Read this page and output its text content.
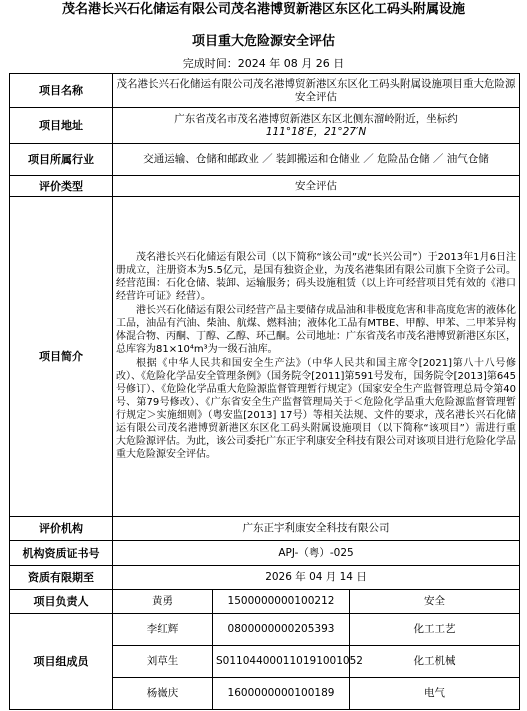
茂名港长兴石化储运有限公司茂名港博贸新港区东区化工码头附属设施
项目重大危险源安全评估
完成时间：2024 年 08 月 26 日
项目名称	茂名港长兴石化储运有限公司茂名港博贸新港区东区化工码头附属设施项目重大危险源安全评估		
项目地址	广东省茂名市茂名港博贸新港区东区北侧东溜岭附近，坐标约
111°18′E，21°27′N		

项目所属行业	交通运输、仓储和邮政业 ／ 装卸搬运和仓储业 ／ 危险品仓储 ／ 油气仓储		
评价类型	安全评估		
项目简介	茂名港长兴石化储运有限公司（以下简称“该公司”或“长兴公司”）于2013年1月6日注册成立，注册资本为5.5亿元，是国有独资企业，为茂名港集团有限公司旗下全资子公司。经营范围：石化仓储、装卸、运输服务；码头设施租赁（以上许可经营项目凭有效的《港口经营许可证》经营）。

港长兴石化储运有限公司经营产品主要储存成品油和非极度危害和非高度危害的液体化工品，油品有汽油、柴油、航煤、燃料油；液体化工品有MTBE、甲醇、甲苯、二甲苯异构体混合物、丙酮、丁醇、乙醇、环己酮。公司地址：广东省茂名市茂名港博贸新港区东区，总库容为81×10⁴m³为一级石油库。

根据《中华人民共和国安全生产法》（中华人民共和国主席令[2021]第八十八号修改）、《危险化学品安全管理条例》（国务院令[2011]第591号发布，国务院令[2013]第645号修订）、《危险化学品重大危险源监督管理暂行规定》（国家安全生产监督管理总局令第40号、第79号修改）、《广东省安全生产监督管理局关于＜危险化学品重大危险源监督管理暂行规定＞实施细则》（粤安监[2013] 17号）等相关法规、文件的要求，茂名港长兴石化储运有限公司茂名港博贸新港区东区化工码头附属设施项目（以下简称“该项目”）需进行重大危险源评估。为此，该公司委托广东正宇利康安全科技有限公司对该项目进行危险化学品重大危险源安全评估。		

评价机构	广东正宇利康安全科技有限公司		
机构资质证书号	APJ-（粤）-025		
资质有限期至	2026 年 04 月 14 日		
项目负责人	黄勇	1500000000100212	安全
项目组成员	李红辉	0800000000205393	化工工艺
	刘草生	S011044000110191001052	化工机械
	杨嶶庆	1600000000100189	电气
